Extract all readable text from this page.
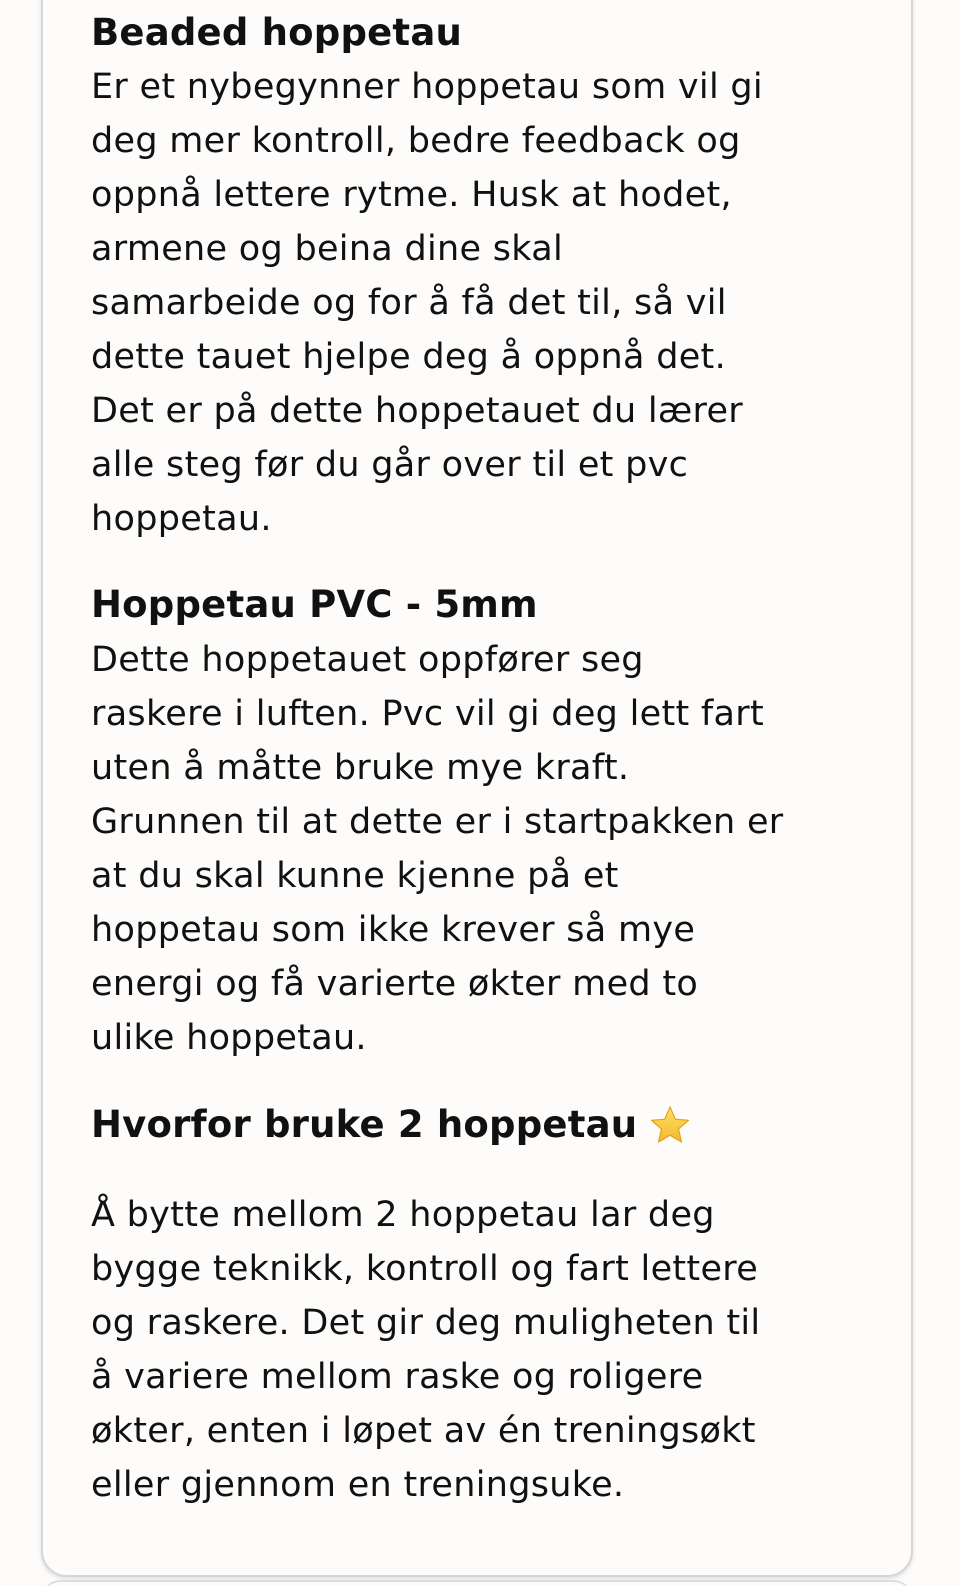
Beaded hoppetau

Er et nybegynner hoppetau som vil gi
deg mer kontroll, bedre feedback og
oppnå lettere rytme. Husk at hodet,
armene og beina dine skal
samarbeide og for å få det til, så vil
dette tauet hjelpe deg å oppnå det.
Det er på dette hoppetauet du lærer
alle steg før du går over til et pvc
hoppetau.

Hoppetau PVC - 5mm

Dette hoppetauet oppfører seg
raskere i luften. Pvc vil gi deg lett fart
uten å måtte bruke mye kraft.
Grunnen til at dette er i startpakken er
at du skal kunne kjenne på et
hoppetau som ikke krever så mye
energi og få varierte økter med to
ulike hoppetau.

Hvorfor bruke 2 hoppetau

Å bytte mellom 2 hoppetau lar deg
bygge teknikk, kontroll og fart lettere
og raskere. Det gir deg muligheten til
å variere mellom raske og roligere
økter, enten i løpet av én treningsøkt
eller gjennom en treningsuke.
